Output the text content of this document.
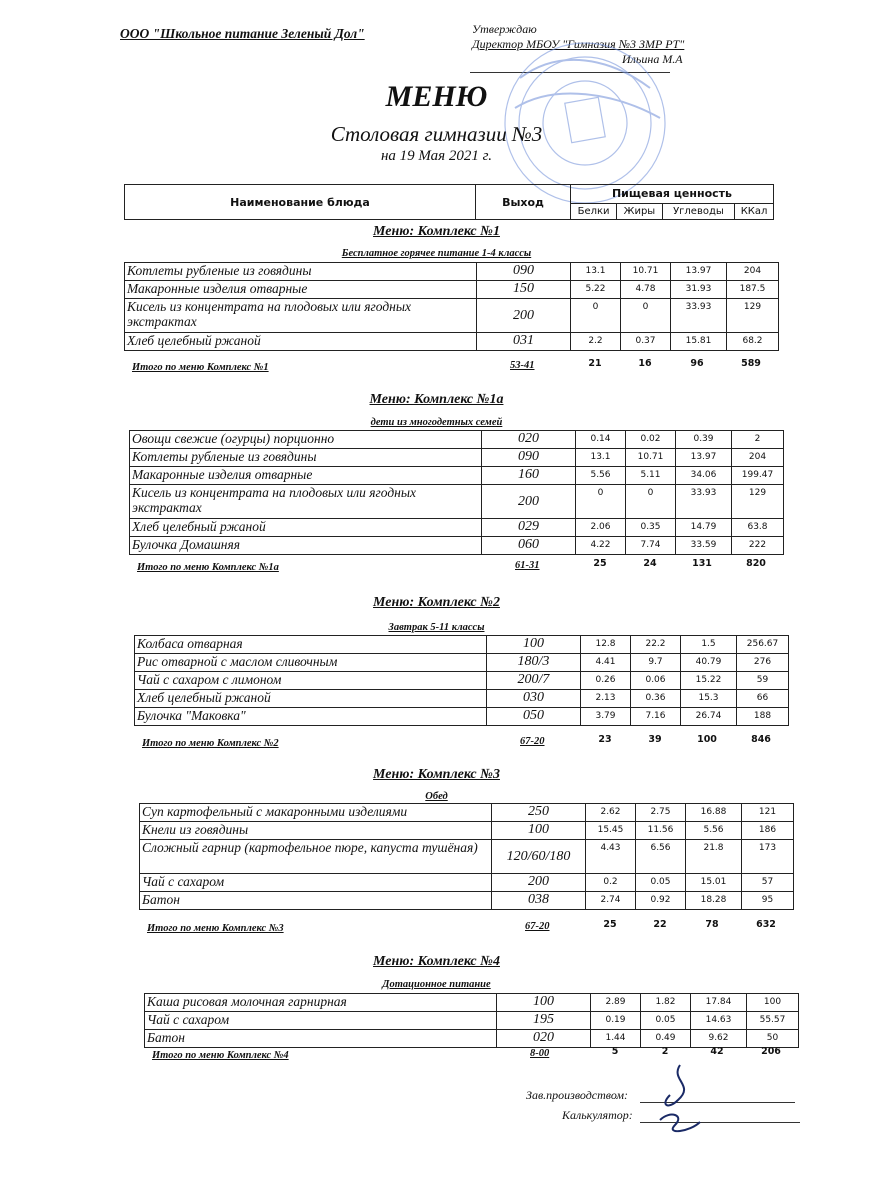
ООО "Школьное питание Зеленый Дол"	Утверждаю
Директор МБОУ "Гимназия №3 ЗМР РТ"
Ильина М.А
МЕНЮ
Столовая гимназии №3
на 19 Мая 2021 г.
Наименование блюда	Выход	Пищевая ценность			
		Белки	Жиры	Углеводы	ККал
Меню: Комплекс №1
Бесплатное горячее питание 1-4 классы
Котлеты рубленые из говядины	090	13.1	10.71	13.97	204
Макаронные изделия отварные	150	5.22	4.78	31.93	187.5
Кисель из концентрата на плодовых или ягодных экстрактах	200	0	0	33.93	129
Хлеб целебный ржаной	031	2.2	0.37	15.81	68.2
Итого по меню Комплекс №1	53-41	21	16	96	589
Меню: Комплекс №1а
дети из многодетных семей
Овощи свежие (огурцы) порционно	020	0.14	0.02	0.39	2
Котлеты рубленые из говядины	090	13.1	10.71	13.97	204
Макаронные изделия отварные	160	5.56	5.11	34.06	199.47
Кисель из концентрата на плодовых или ягодных экстрактах	200	0	0	33.93	129
Хлеб целебный ржаной	029	2.06	0.35	14.79	63.8
Булочка Домашняя	060	4.22	7.74	33.59	222
Итого по меню Комплекс №1а	61-31	25	24	131	820
Меню: Комплекс №2
Завтрак 5-11 классы
Колбаса отварная	100	12.8	22.2	1.5	256.67
Рис отварной с маслом сливочным	180/3	4.41	9.7	40.79	276
Чай с сахаром с лимоном	200/7	0.26	0.06	15.22	59
Хлеб целебный ржаной	030	2.13	0.36	15.3	66
Булочка "Маковка"	050	3.79	7.16	26.74	188
Итого по меню Комплекс №2	67-20	23	39	100	846
Меню: Комплекс №3
Обед
Суп картофельный с макаронными изделиями	250	2.62	2.75	16.88	121
Кнели из говядины	100	15.45	11.56	5.56	186
Сложный гарнир (картофельное пюре, капуста тушёная)	120/60/180	4.43	6.56	21.8	173
Чай с сахаром	200	0.2	0.05	15.01	57
Батон	038	2.74	0.92	18.28	95
Итого по меню Комплекс №3	67-20	25	22	78	632
Меню: Комплекс №4
Дотационное питание
Каша рисовая молочная гарнирная	100	2.89	1.82	17.84	100
Чай с сахаром	195	0.19	0.05	14.63	55.57
Батон	020	1.44	0.49	9.62	50
Итого по меню Комплекс №4	8-00	5	2	42	206
Зав.производством:
Калькулятор:
